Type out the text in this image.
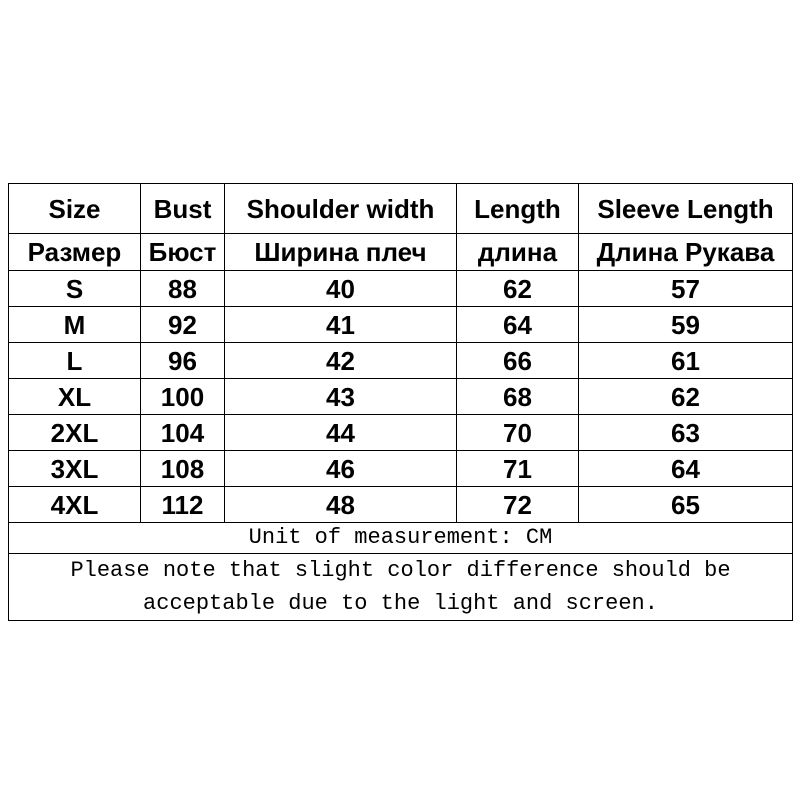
Size	Bust	Shoulder width	Length	Sleeve Length
Размер	Бюст	Ширина плеч	длина	Длина Рукава
S	88	40	62	57
M	92	41	64	59
L	96	42	66	61
XL	100	43	68	62
2XL	104	44	70	63
3XL	108	46	71	64
4XL	112	48	72	65
Unit of measurement: CM				

Please note that slight color difference should be
acceptable due to the light and screen.				
